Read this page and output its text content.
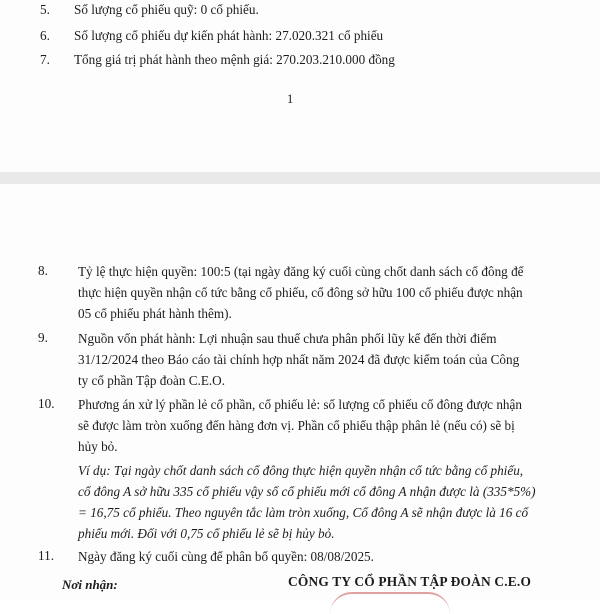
5. Số lượng cổ phiếu quỹ: 0 cổ phiếu.
6. Số lượng cổ phiếu dự kiến phát hành: 27.020.321 cổ phiếu
7. Tổng giá trị phát hành theo mệnh giá: 270.203.210.000 đồng
1
8. Tỷ lệ thực hiện quyền: 100:5 (tại ngày đăng ký cuối cùng chốt danh sách cổ đông để
thực hiện quyền nhận cổ tức bằng cổ phiếu, cổ đông sở hữu 100 cổ phiếu được nhận
05 cổ phiếu phát hành thêm).
9. Nguồn vốn phát hành: Lợi nhuận sau thuế chưa phân phối lũy kế đến thời điểm
31/12/2024 theo Báo cáo tài chính hợp nhất năm 2024 đã được kiểm toán của Công
ty cổ phần Tập đoàn C.E.O.
10. Phương án xử lý phần lẻ cổ phần, cổ phiếu lẻ: số lượng cổ phiếu cổ đông được nhận
sẽ được làm tròn xuống đến hàng đơn vị. Phần cổ phiếu thập phân lẻ (nếu có) sẽ bị
hủy bỏ.
Ví dụ: Tại ngày chốt danh sách cổ đông thực hiện quyền nhận cổ tức bằng cổ phiếu,
cổ đông A sở hữu 335 cổ phiếu vậy số cổ phiếu mới cổ đông A nhận được là (335*5%)
= 16,75 cổ phiếu. Theo nguyên tắc làm tròn xuống, Cổ đông A sẽ nhận được là 16 cổ
phiếu mới. Đối với 0,75 cổ phiếu lẻ sẽ bị hủy bỏ.
11. Ngày đăng ký cuối cùng để phân bổ quyền: 08/08/2025.
Nơi nhận:	CÔNG TY CỔ PHẦN TẬP ĐOÀN C.E.O
